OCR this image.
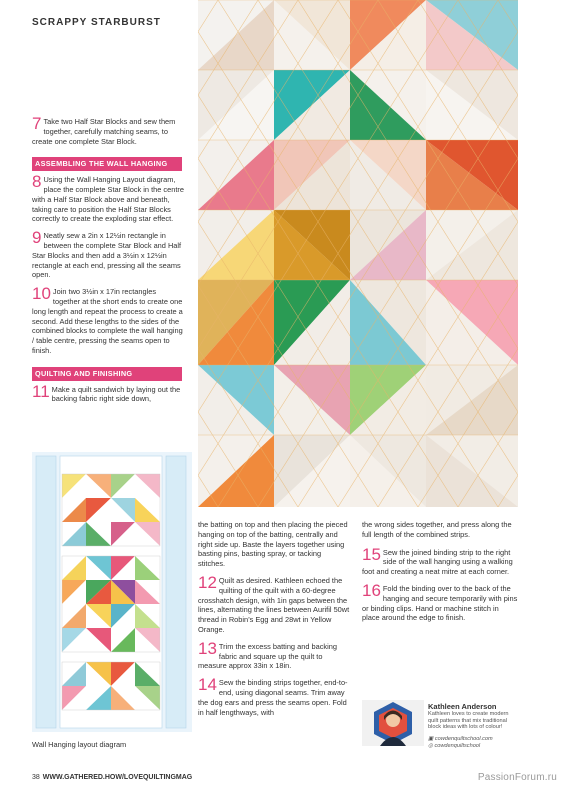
SCRAPPY STARBURST
7 Take two Half Star Blocks and sew them together, carefully matching seams, to create one complete Star Block.
ASSEMBLING THE WALL HANGING
8 Using the Wall Hanging Layout diagram, place the complete Star Block in the centre with a Half Star Block above and beneath, taking care to position the Half Star Blocks correctly to create the exploding star effect.
9 Neatly sew a 2in x 12½in rectangle in between the complete Star Block and Half Star Blocks and then add a 3½in x 12½in rectangle at each end, pressing all the seams open.
10 Join two 3½in x 17in rectangles together at the short ends to create one long length and repeat the process to create a second. Add these lengths to the sides of the combined blocks to complete the wall hanging / table centre, pressing the seams open to finish.
QUILTING AND FINISHING
11 Make a quilt sandwich by laying out the backing fabric right side down,
Wall Hanging layout diagram
the batting on top and then placing the pieced hanging on top of the batting, centrally and right side up. Baste the layers together using basting pins, basting spray, or tacking stitches.
12 Quilt as desired. Kathleen echoed the quilting of the quilt with a 60-degree crosshatch design, with 1in gaps between the lines, alternating the lines between Aurifil 50wt thread in Robin’s Egg and 28wt in Yellow Orange.
13 Trim the excess batting and backing fabric and square up the quilt to measure approx 33in x 18in.
14 Sew the binding strips together, end-to-end, using diagonal seams. Trim away the dog ears and press the seams open. Fold in half lengthways, with
the wrong sides together, and press along the full length of the combined strips.
15 Sew the joined binding strip to the right side of the wall hanging using a walking foot and creating a neat mitre at each corner.
16 Fold the binding over to the back of the hanging and secure temporarily with pins or binding clips. Hand or machine stitch in place around the edge to finish.
Kathleen Anderson
Kathleen loves to create modern quilt patterns that mix traditional block ideas with lots of colour!
▣ cowdenquiltschool.com
◎ cowdenquiltschool
38 WWW.GATHERED.HOW/LOVEQUILTINGMAG	PassionForum.ru
